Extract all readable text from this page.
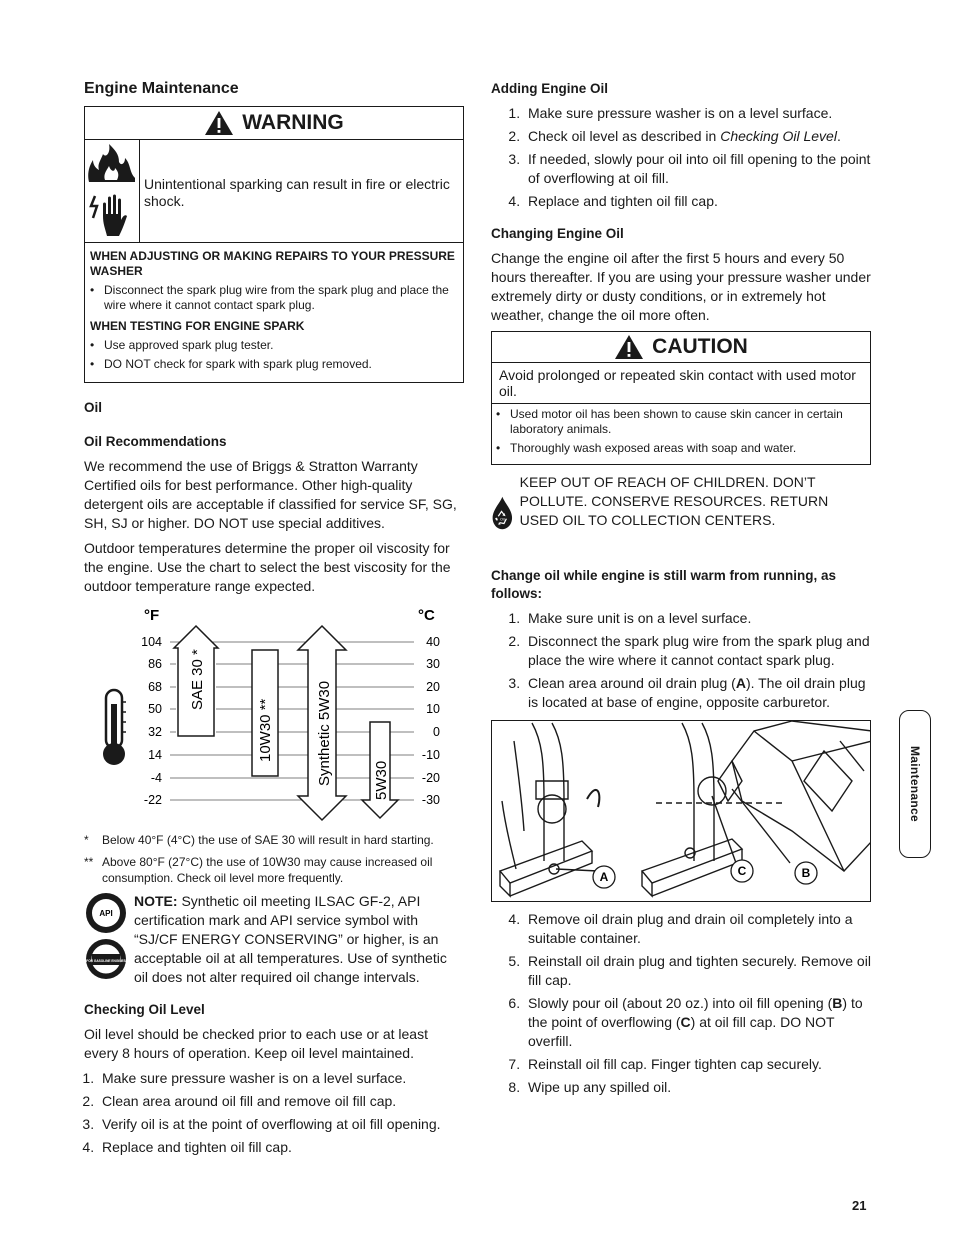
Engine Maintenance
WARNING
Unintentional sparking can result in fire or electric shock.
WHEN ADJUSTING OR MAKING REPAIRS TO YOUR PRESSURE WASHER
• Disconnect the spark plug wire from the spark plug and place the wire where it cannot contact spark plug.
WHEN TESTING FOR ENGINE SPARK
• Use approved spark plug tester.
• DO NOT check for spark with spark plug removed.
Oil
Oil Recommendations

We recommend the use of Briggs & Stratton Warranty Certified oils for best performance. Other high-quality detergent oils are acceptable if classified for service SF, SG, SH, SJ or higher. DO NOT use special additives.

Outdoor temperatures determine the proper oil viscosity for the engine. Use the chart to select the best viscosity for the outdoor temperature range expected.

°F	°C
104
86
68
50
32
14
-4
-22
40
30
20
10
0
-10
-20
-30
SAE 30 *
10W30 **	Synthetic 5W30	5W30
*	Below 40°F (4°C) the use of SAE 30 will result in hard starting.
** Above 80°F (27°C) the use of 10W30 may cause increased oil consumption. Check oil level more frequently.
API
FOR GASOLINE ENGINES
NOTE: Synthetic oil meeting ILSAC GF-2, API certification mark and API service symbol with “SJ/CF ENERGY CONSERVING” or higher, is an acceptable oil at all temperatures. Use of synthetic oil does not alter required oil change intervals.
Checking Oil Level

Oil level should be checked prior to each use or at least every 8 hours of operation. Keep oil level maintained.

1. Make sure pressure washer is on a level surface.
2. Clean area around oil fill and remove oil fill cap.
3. Verify oil is at the point of overflowing at oil fill opening.
4. Replace and tighten oil fill cap.
Adding Engine Oil
1. Make sure pressure washer is on a level surface.
2. Check oil level as described in Checking Oil Level.
3. If needed, slowly pour oil into oil fill opening to the point of overflowing at oil fill.
4. Replace and tighten oil fill cap.
Changing Engine Oil

Change the engine oil after the first 5 hours and every 50 hours thereafter. If you are using your pressure washer under extremely dirty or dusty conditions, or in extremely hot weather, change the oil more often.

CAUTION
Avoid prolonged or repeated skin contact with used motor oil.
• Used motor oil has been shown to cause skin cancer in certain laboratory animals.
• Thoroughly wash exposed areas with soap and water.
Oil
KEEP OUT OF REACH OF CHILDREN. DON’T POLLUTE. CONSERVE RESOURCES. RETURN USED OIL TO COLLECTION CENTERS.
Change oil while engine is still warm from running, as follows:
1. Make sure unit is on a level surface.
2. Disconnect the spark plug wire from the spark plug and place the wire where it cannot contact spark plug.
3. Clean area around oil drain plug (A). The oil drain plug is located at base of engine, opposite carburetor.
A	C	B
4. Remove oil drain plug and drain oil completely into a suitable container.
5. Reinstall oil drain plug and tighten securely. Remove oil fill cap.
6. Slowly pour oil (about 20 oz.) into oil fill opening (B) to the point of overflowing (C) at oil fill cap. DO NOT overfill.
7. Reinstall oil fill cap. Finger tighten cap securely.
8. Wipe up any spilled oil.
Maintenance
21
